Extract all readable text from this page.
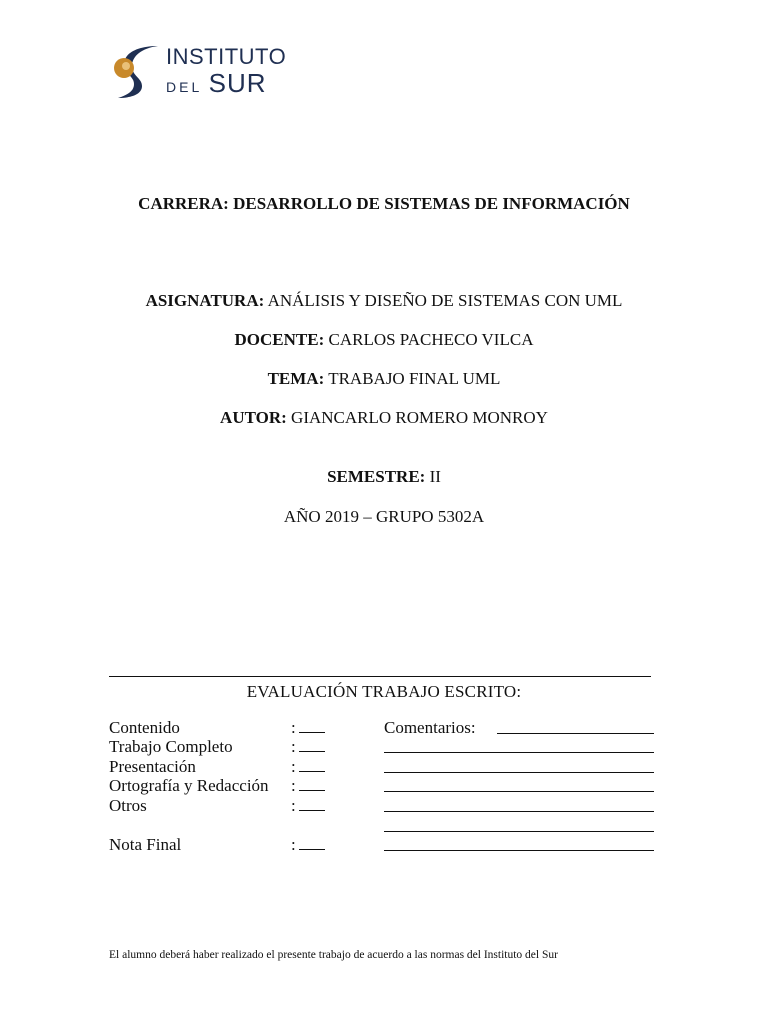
INSTITUTO
DEL SUR
CARRERA: DESARROLLO DE SISTEMAS DE INFORMACIÓN
ASIGNATURA: ANÁLISIS Y DISEÑO DE SISTEMAS CON UML
DOCENTE: CARLOS PACHECO VILCA
TEMA: TRABAJO FINAL UML
AUTOR: GIANCARLO ROMERO MONROY
SEMESTRE: II
AÑO 2019 – GRUPO 5302A
EVALUACIÓN TRABAJO ESCRITO:
Contenido	:	Comentarios:
Trabajo Completo	:
Presentación	:
Ortografía y Redacción :
Otros	:
Nota Final	:
El alumno deberá haber realizado el presente trabajo de acuerdo a las normas del Instituto del Sur
